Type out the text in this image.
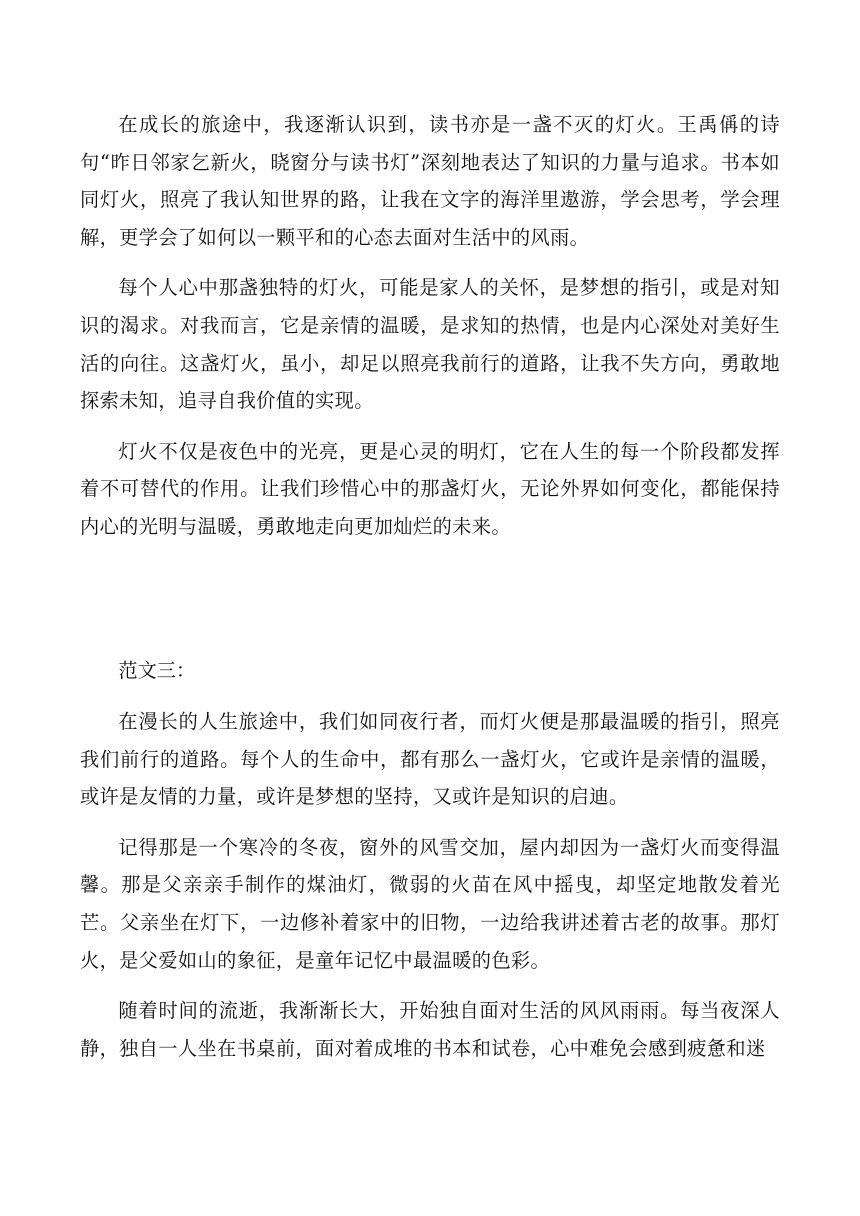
在成长的旅途中，我逐渐认识到，读书亦是一盏不灭的灯火。王禹偁的诗句“昨日邻家乞新火，晓窗分与读书灯”深刻地表达了知识的力量与追求。书本如同灯火，照亮了我认知世界的路，让我在文字的海洋里遨游，学会思考，学会理解，更学会了如何以一颗平和的心态去面对生活中的风雨。

每个人心中那盏独特的灯火，可能是家人的关怀，是梦想的指引，或是对知识的渴求。对我而言，它是亲情的温暖，是求知的热情，也是内心深处对美好生活的向往。这盏灯火，虽小，却足以照亮我前行的道路，让我不失方向，勇敢地探索未知，追寻自我价值的实现。

灯火不仅是夜色中的光亮，更是心灵的明灯，它在人生的每一个阶段都发挥着不可替代的作用。让我们珍惜心中的那盏灯火，无论外界如何变化，都能保持内心的光明与温暖，勇敢地走向更加灿烂的未来。

范文三：

在漫长的人生旅途中，我们如同夜行者，而灯火便是那最温暖的指引，照亮我们前行的道路。每个人的生命中，都有那么一盏灯火，它或许是亲情的温暖，或许是友情的力量，或许是梦想的坚持，又或许是知识的启迪。

记得那是一个寒冷的冬夜，窗外的风雪交加，屋内却因为一盏灯火而变得温馨。那是父亲亲手制作的煤油灯，微弱的火苗在风中摇曳，却坚定地散发着光芒。父亲坐在灯下，一边修补着家中的旧物，一边给我讲述着古老的故事。那灯火，是父爱如山的象征，是童年记忆中最温暖的色彩。

随着时间的流逝，我渐渐长大，开始独自面对生活的风风雨雨。每当夜深人静，独自一人坐在书桌前，面对着成堆的书本和试卷，心中难免会感到疲惫和迷
